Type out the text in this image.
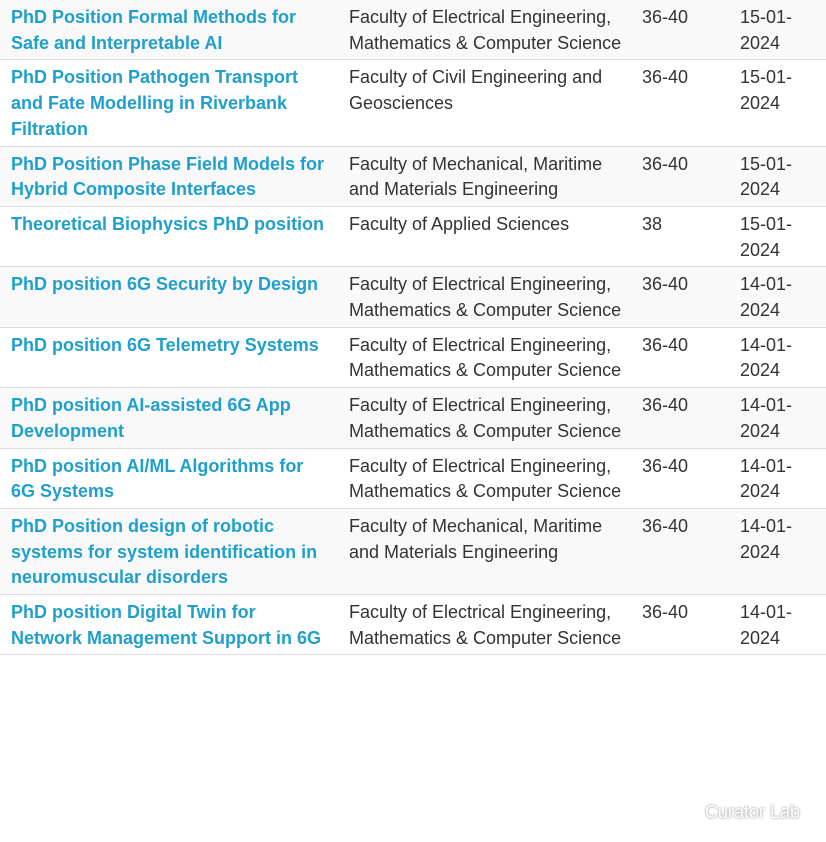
PhD Position Formal Methods for Safe and Interpretable AI	Faculty of Electrical Engineering, Mathematics & Computer Science	36-40	15-01-2024
PhD Position Pathogen Transport and Fate Modelling in Riverbank Filtration	Faculty of Civil Engineering and Geosciences	36-40	15-01-2024
PhD Position Phase Field Models for Hybrid Composite Interfaces	Faculty of Mechanical, Maritime and Materials Engineering	36-40	15-01-2024
Theoretical Biophysics PhD position	Faculty of Applied Sciences	38	15-01-2024
PhD position 6G Security by Design	Faculty of Electrical Engineering, Mathematics & Computer Science	36-40	14-01-2024
PhD position 6G Telemetry Systems	Faculty of Electrical Engineering, Mathematics & Computer Science	36-40	14-01-2024
PhD position AI-assisted 6G App Development	Faculty of Electrical Engineering, Mathematics & Computer Science	36-40	14-01-2024
PhD position AI/ML Algorithms for 6G Systems	Faculty of Electrical Engineering, Mathematics & Computer Science	36-40	14-01-2024
PhD Position design of robotic systems for system identification in neuromuscular disorders	Faculty of Mechanical, Maritime and Materials Engineering	36-40	14-01-2024
PhD position Digital Twin for Network Management Support in 6G	Faculty of Electrical Engineering, Mathematics & Computer Science	36-40	14-01-2024
Curator Lab
